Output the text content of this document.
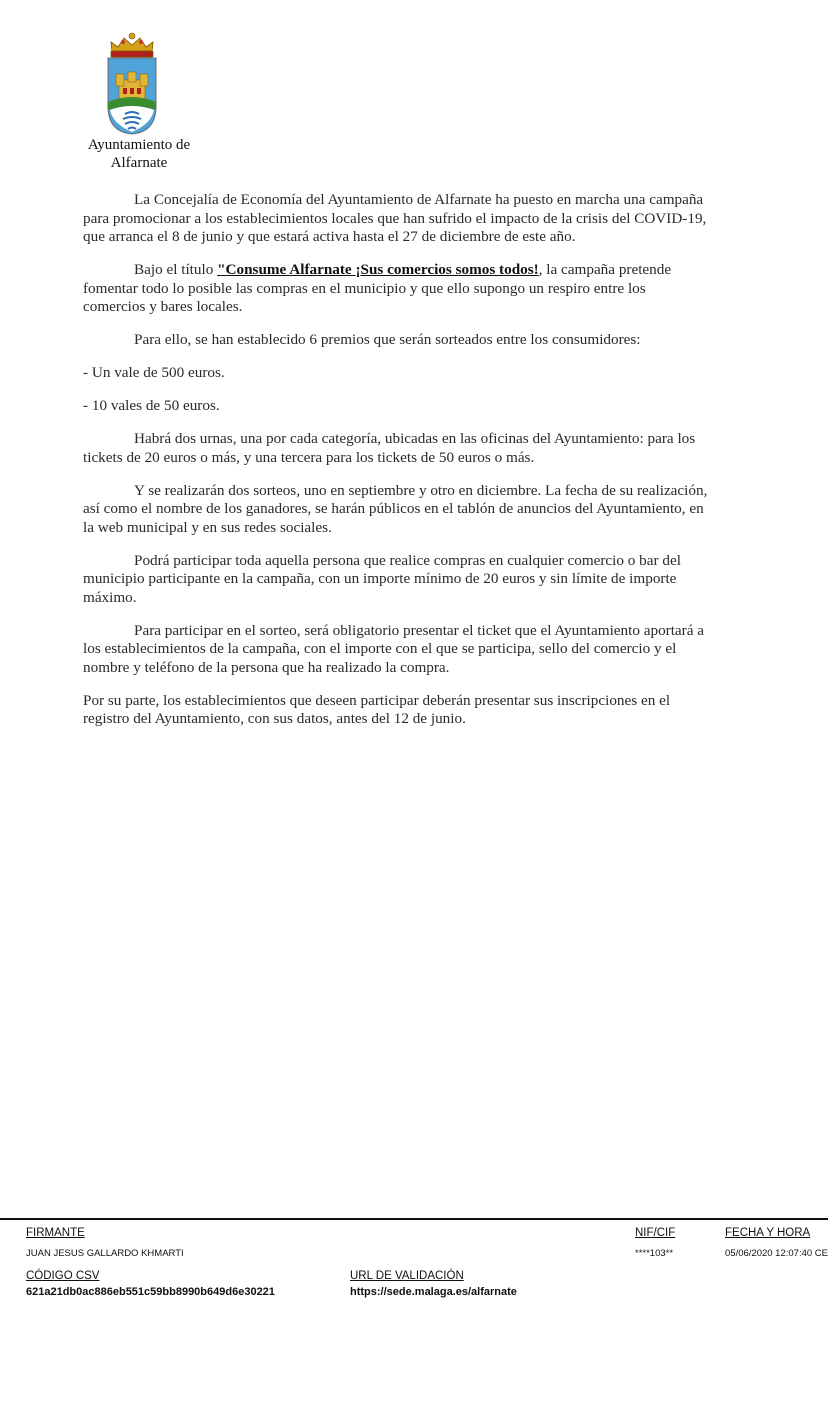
Ayuntamiento de
Alfarnate

La Concejalía de Economía del Ayuntamiento de Alfarnate ha puesto en marcha una campaña para promocionar a los establecimientos locales que han sufrido el impacto de la crisis del COVID-19, que arranca el 8 de junio y que estará activa hasta el 27 de diciembre de este año.

Bajo el título "Consume Alfarnate ¡Sus comercios somos todos!, la campaña pretende fomentar todo lo posible las compras en el municipio y que ello supongo un respiro entre los comercios y bares locales.

Para ello, se han establecido 6 premios que serán sorteados entre los consumidores:

- Un vale de 500 euros.

- 10 vales de 50 euros.

Habrá dos urnas, una por cada categoría, ubicadas en las oficinas del Ayuntamiento: para los tickets de 20 euros o más, y una tercera para los tickets de 50 euros o más.

Y se realizarán dos sorteos, uno en septiembre y otro en diciembre. La fecha de su realización, así como el nombre de los ganadores, se harán públicos en el tablón de anuncios del Ayuntamiento, en la web municipal y en sus redes sociales.

Podrá participar toda aquella persona que realice compras en cualquier comercio o bar del municipio participante en la campaña, con un importe mínimo de 20 euros y sin límite de importe máximo.

Para participar en el sorteo, será obligatorio presentar el ticket que el Ayuntamiento aportará a los establecimientos de la campaña, con el importe con el que se participa, sello del comercio y el nombre y teléfono de la persona que ha realizado la compra.

Por su parte, los establecimientos que deseen participar deberán presentar sus inscripciones en el registro del Ayuntamiento, con sus datos, antes del 12 de junio.

FIRMANTE
JUAN JESUS GALLARDO KHMARTI
NIF/CIF
****103**
FECHA Y HORA
05/06/2020 12:07:40 CE
CÓDIGO CSV
621a21db0ac886eb551c59bb8990b649d6e30221
URL DE VALIDACIÓN
https://sede.malaga.es/alfarnate
